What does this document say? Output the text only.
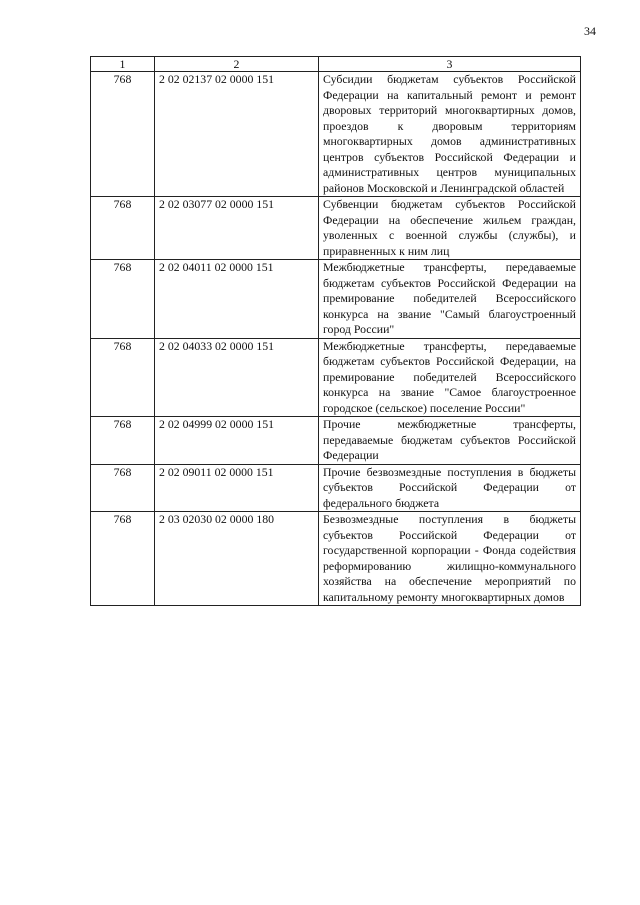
34
1	2	3
768	2 02 02137 02 0000 151	Субсидии бюджетам субъектов Российской Федерации на капитальный ремонт и ремонт дворовых территорий многоквартирных домов, проездов к дворовым территориям многоквартирных домов административных центров субъектов Российской Федерации и административных центров муниципальных районов Московской и Ленинградской областей
768	2 02 03077 02 0000 151	Субвенции бюджетам субъектов Российской Федерации на обеспечение жильем граждан, уволенных с военной службы (службы), и приравненных к ним лиц
768	2 02 04011 02 0000 151	Межбюджетные трансферты, передаваемые бюджетам субъектов Российской Федерации на премирование победителей Всероссийского конкурса на звание "Самый благоустроенный город России"
768	2 02 04033 02 0000 151	Межбюджетные трансферты, передаваемые бюджетам субъектов Российской Федерации, на премирование победителей Всероссийского конкурса на звание "Самое благоустроенное городское (сельское) поселение России"
768	2 02 04999 02 0000 151	Прочие межбюджетные трансферты, передаваемые бюджетам субъектов Российской Федерации
768	2 02 09011 02 0000 151	Прочие безвозмездные поступления в бюджеты субъектов Российской Федерации от федерального бюджета
768	2 03 02030 02 0000 180	Безвозмездные поступления в бюджеты субъектов Российской Федерации от государственной корпорации - Фонда содействия реформированию жилищно-коммунального хозяйства на обеспечение мероприятий по капитальному ремонту многоквартирных домов
